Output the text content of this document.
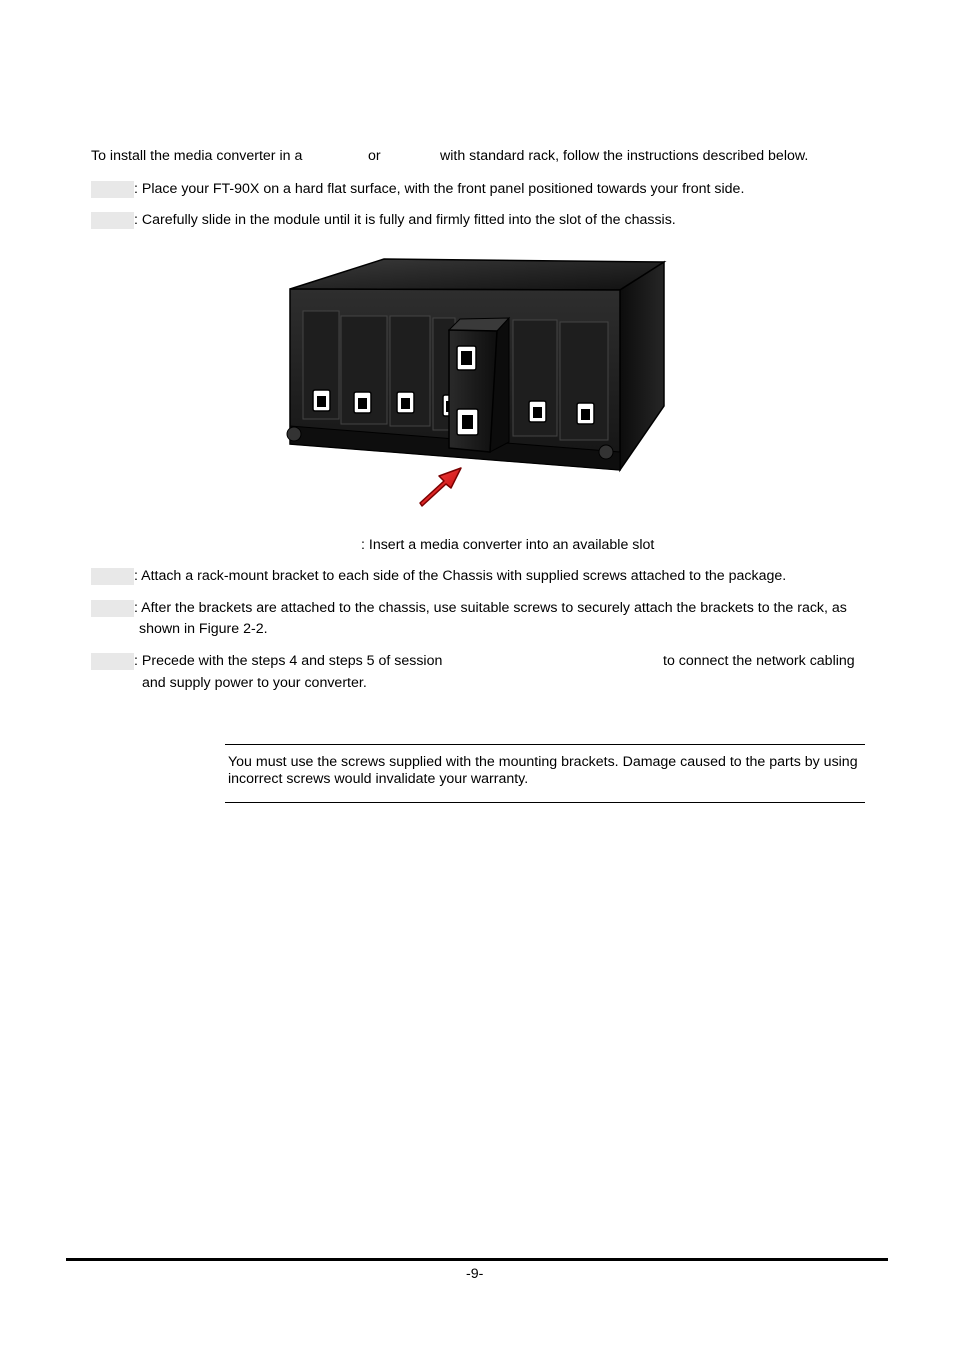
To install the media converter in a	or	with standard rack, follow the instructions described below.
: Place your FT-90X on a hard flat surface, with the front panel positioned towards your front side.
: Carefully slide in the module until it is fully and firmly fitted into the slot of the chassis.
: Insert a media converter into an available slot
: Attach a rack-mount bracket to each side of the Chassis with supplied screws attached to the package.
: After the brackets are attached to the chassis, use suitable screws to securely attach the brackets to the rack, as
shown in Figure 2-2.
: Precede with the steps 4 and steps 5 of session	to connect the network cabling
and supply power to your converter.
You must use the screws supplied with the mounting brackets. Damage caused to the parts by using
incorrect screws would invalidate your warranty.
-9-
